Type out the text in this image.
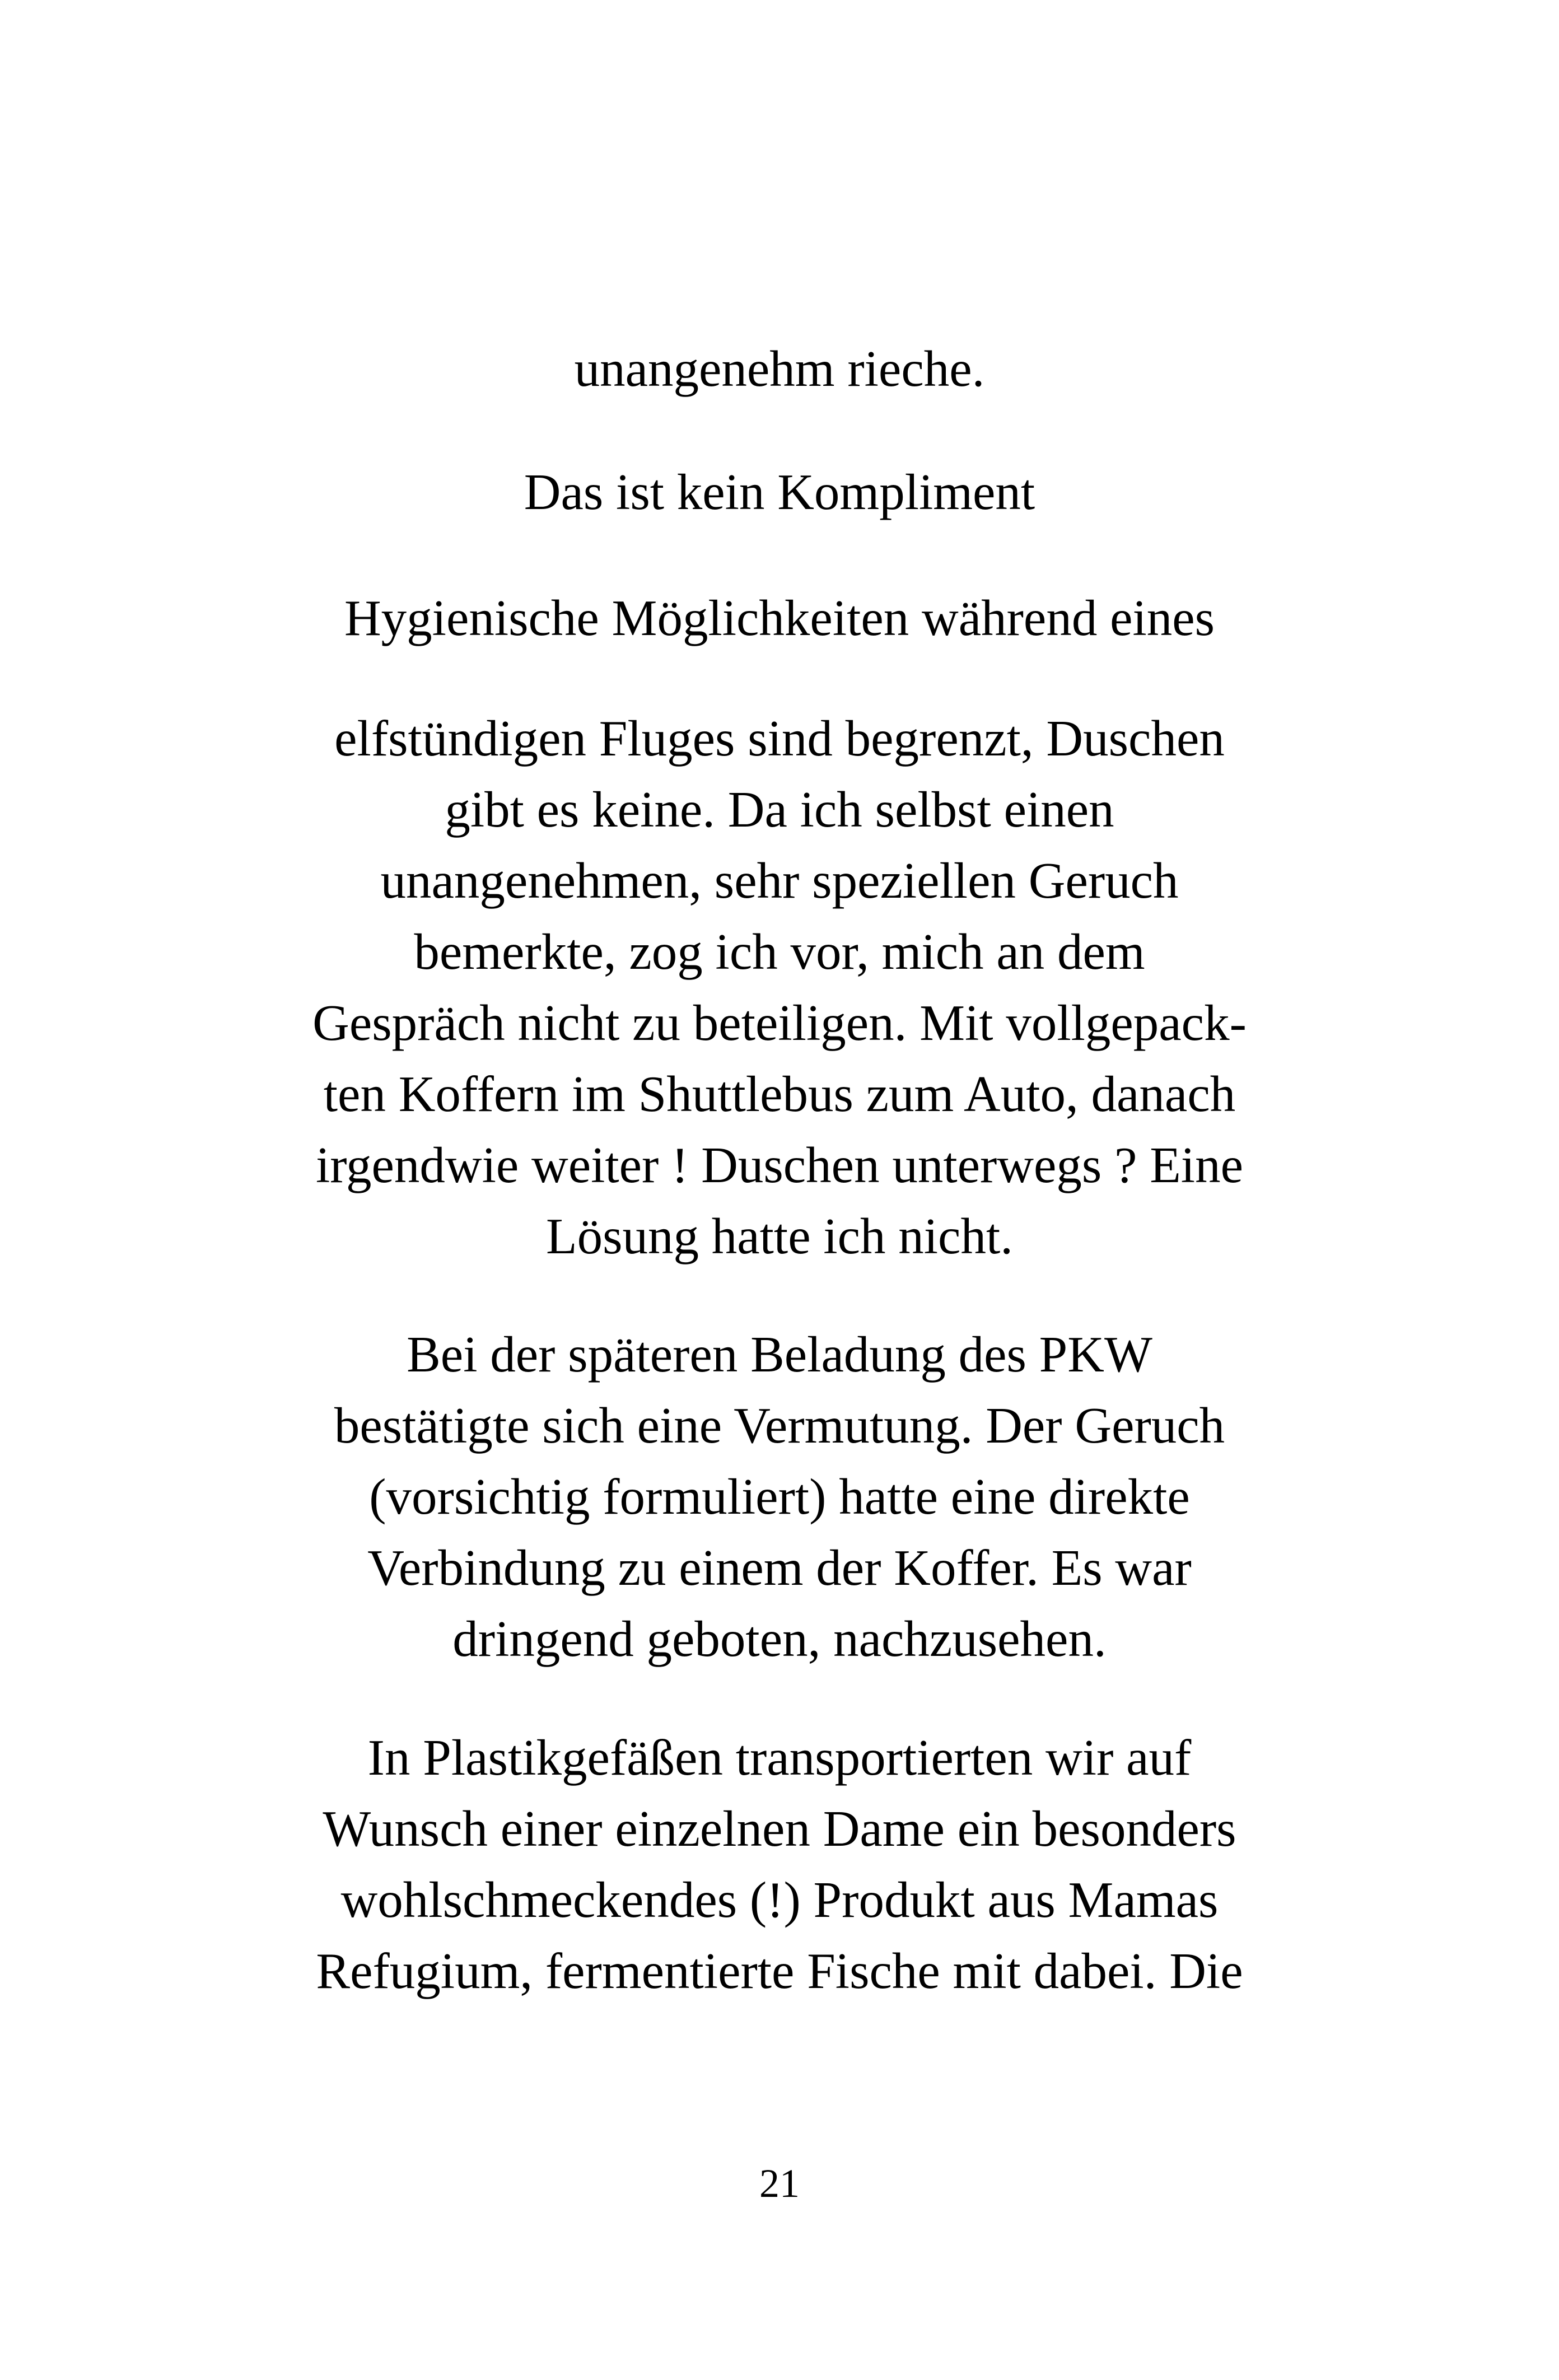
unangenehm rieche.

Das ist kein Kompliment

Hygienische Möglichkeiten während eines

elfstündigen Fluges sind begrenzt, Duschen
gibt es keine. Da ich selbst einen
unangenehmen, sehr speziellen Geruch
bemerkte, zog ich vor, mich an dem
Gespräch nicht zu beteiligen. Mit vollgepack-
ten Koffern im Shuttlebus zum Auto, danach
irgendwie weiter ! Duschen unterwegs ? Eine
Lösung hatte ich nicht.

Bei der späteren Beladung des PKW
bestätigte sich eine Vermutung. Der Geruch
(vorsichtig formuliert) hatte eine direkte
Verbindung zu einem der Koffer. Es war
dringend geboten, nachzusehen.

In Plastikgefäßen transportierten wir auf
Wunsch einer einzelnen Dame ein besonders
wohlschmeckendes (!) Produkt aus Mamas
Refugium, fermentierte Fische mit dabei. Die

21
